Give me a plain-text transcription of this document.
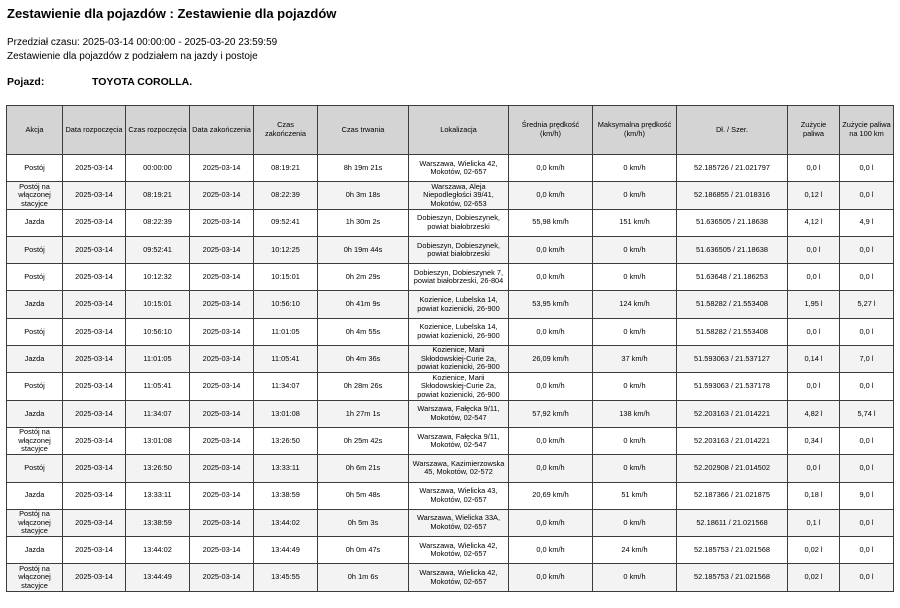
Zestawienie dla pojazdów : Zestawienie dla pojazdów
Przedział czasu: 2025-03-14 00:00:00 - 2025-03-20 23:59:59
Zestawienie dla pojazdów z podziałem na jazdy i postoje
Pojazd:	TOYOTA COROLLA.
Akcja	Data rozpoczęcia	Czas rozpoczęcia	Data zakończenia	Czas zakończenia	Czas trwania	Lokalizacja	Średnia prędkość (km/h)	Maksymalna prędkość (km/h)	Dł. / Szer.	Zużycie paliwa	Zużycie paliwa na 100 km
Postój	2025-03-14	00:00:00	2025-03-14	08:19:21	8h 19m 21s	Warszawa, Wielicka 42, Mokotów, 02-657	0,0 km/h	0 km/h	52.185726 / 21.021797	0,0 l	0,0 l
Postój na włączonej stacyjce	2025-03-14	08:19:21	2025-03-14	08:22:39	0h 3m 18s	Warszawa, Aleja Niepodległości 39/41, Mokotów, 02-653	0,0 km/h	0 km/h	52.186855 / 21.018316	0,12 l	0,0 l
Jazda	2025-03-14	08:22:39	2025-03-14	09:52:41	1h 30m 2s	Dobieszyn, Dobieszynek, powiat białobrzeski	55,98 km/h	151 km/h	51.636505 / 21.18638	4,12 l	4,9 l
Postój	2025-03-14	09:52:41	2025-03-14	10:12:25	0h 19m 44s	Dobieszyn, Dobieszynek, powiat białobrzeski	0,0 km/h	0 km/h	51.636505 / 21.18638	0,0 l	0,0 l
Postój	2025-03-14	10:12:32	2025-03-14	10:15:01	0h 2m 29s	Dobieszyn, Dobieszynek 7, powiat białobrzeski, 26-804	0,0 km/h	0 km/h	51.63648 / 21.186253	0,0 l	0,0 l
Jazda	2025-03-14	10:15:01	2025-03-14	10:56:10	0h 41m 9s	Kozienice, Lubelska 14, powiat kozienicki, 26-900	53,95 km/h	124 km/h	51.58282 / 21.553408	1,95 l	5,27 l
Postój	2025-03-14	10:56:10	2025-03-14	11:01:05	0h 4m 55s	Kozienice, Lubelska 14, powiat kozienicki, 26-900	0,0 km/h	0 km/h	51.58282 / 21.553408	0,0 l	0,0 l
Jazda	2025-03-14	11:01:05	2025-03-14	11:05:41	0h 4m 36s	Kozienice, Marii Skłodowskiej-Curie 2a, powiat kozienicki, 26-900	26,09 km/h	37 km/h	51.593063 / 21.537127	0,14 l	7,0 l
Postój	2025-03-14	11:05:41	2025-03-14	11:34:07	0h 28m 26s	Kozienice, Marii Skłodowskiej-Curie 2a, powiat kozienicki, 26-900	0,0 km/h	0 km/h	51.593063 / 21.537178	0,0 l	0,0 l
Jazda	2025-03-14	11:34:07	2025-03-14	13:01:08	1h 27m 1s	Warszawa, Fałęcka 9/11, Mokotów, 02-547	57,92 km/h	138 km/h	52.203163 / 21.014221	4,82 l	5,74 l
Postój na włączonej stacyjce	2025-03-14	13:01:08	2025-03-14	13:26:50	0h 25m 42s	Warszawa, Fałęcka 9/11, Mokotów, 02-547	0,0 km/h	0 km/h	52.203163 / 21.014221	0,34 l	0,0 l
Postój	2025-03-14	13:26:50	2025-03-14	13:33:11	0h 6m 21s	Warszawa, Kazimierzowska 45, Mokotów, 02-572	0,0 km/h	0 km/h	52.202908 / 21.014502	0,0 l	0,0 l
Jazda	2025-03-14	13:33:11	2025-03-14	13:38:59	0h 5m 48s	Warszawa, Wielicka 43, Mokotów, 02-657	20,69 km/h	51 km/h	52.187366 / 21.021875	0,18 l	9,0 l
Postój na włączonej stacyjce	2025-03-14	13:38:59	2025-03-14	13:44:02	0h 5m 3s	Warszawa, Wielicka 33A, Mokotów, 02-657	0,0 km/h	0 km/h	52.18611 / 21.021568	0,1 l	0,0 l
Jazda	2025-03-14	13:44:02	2025-03-14	13:44:49	0h 0m 47s	Warszawa, Wielicka 42, Mokotów, 02-657	0,0 km/h	24 km/h	52.185753 / 21.021568	0,02 l	0,0 l
Postój na włączonej stacyjce	2025-03-14	13:44:49	2025-03-14	13:45:55	0h 1m 6s	Warszawa, Wielicka 42, Mokotów, 02-657	0,0 km/h	0 km/h	52.185753 / 21.021568	0,02 l	0,0 l
